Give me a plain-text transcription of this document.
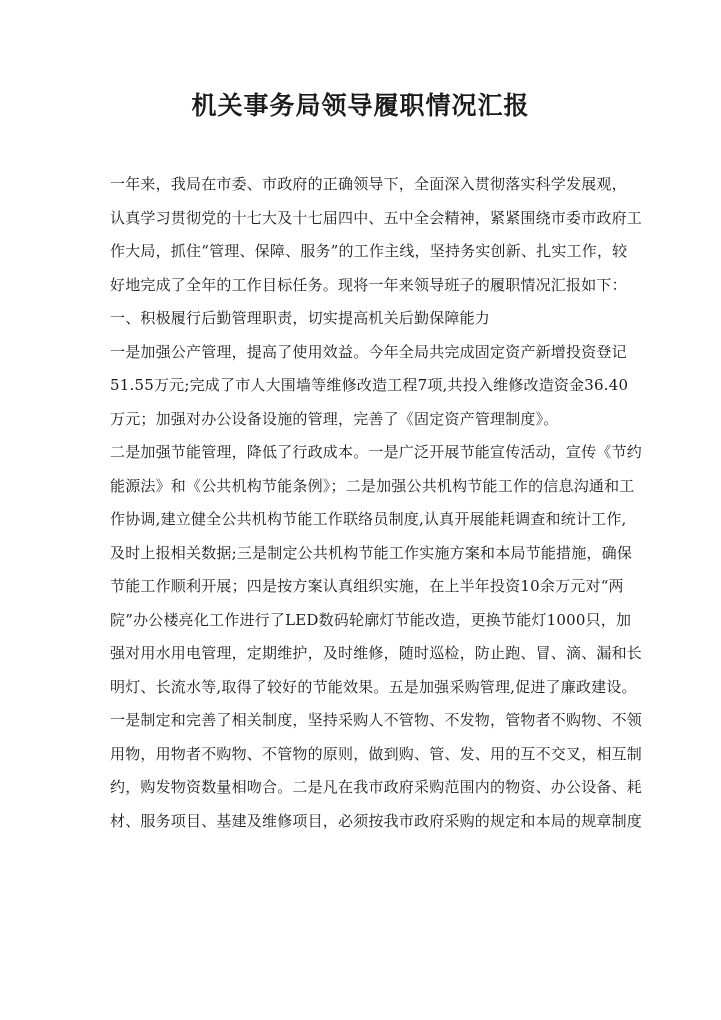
机关事务局领导履职情况汇报
一年来，我局在市委、市政府的正确领导下，全面深入贯彻落实科学发展观，
认真学习贯彻党的十七大及十七届四中、五中全会精神，紧紧围绕市委市政府工
作大局，抓住“管理、保障、服务”的工作主线，坚持务实创新、扎实工作，较
好地完成了全年的工作目标任务。现将一年来领导班子的履职情况汇报如下：
一、积极履行后勤管理职责，切实提高机关后勤保障能力
一是加强公产管理，提高了使用效益。今年全局共完成固定资产新增投资登记
51.55万元;完成了市人大围墙等维修改造工程7项,共投入维修改造资金36.40
万元；加强对办公设备设施的管理，完善了《固定资产管理制度》。
二是加强节能管理，降低了行政成本。一是广泛开展节能宣传活动，宣传《节约
能源法》和《公共机构节能条例》；二是加强公共机构节能工作的信息沟通和工
作协调,建立健全公共机构节能工作联络员制度,认真开展能耗调查和统计工作,
及时上报相关数据;三是制定公共机构节能工作实施方案和本局节能措施，确保
节能工作顺利开展；四是按方案认真组织实施，在上半年投资10余万元对“两
院”办公楼亮化工作进行了LED数码轮廓灯节能改造，更换节能灯1000只，加
强对用水用电管理，定期维护，及时维修，随时巡检，防止跑、冒、滴、漏和长
明灯、长流水等,取得了较好的节能效果。五是加强采购管理,促进了廉政建设。
一是制定和完善了相关制度，坚持采购人不管物、不发物，管物者不购物、不领
用物，用物者不购物、不管物的原则，做到购、管、发、用的互不交叉，相互制
约，购发物资数量相吻合。二是凡在我市政府采购范围内的物资、办公设备、耗
材、服务项目、基建及维修项目，必须按我市政府采购的规定和本局的规章制度
